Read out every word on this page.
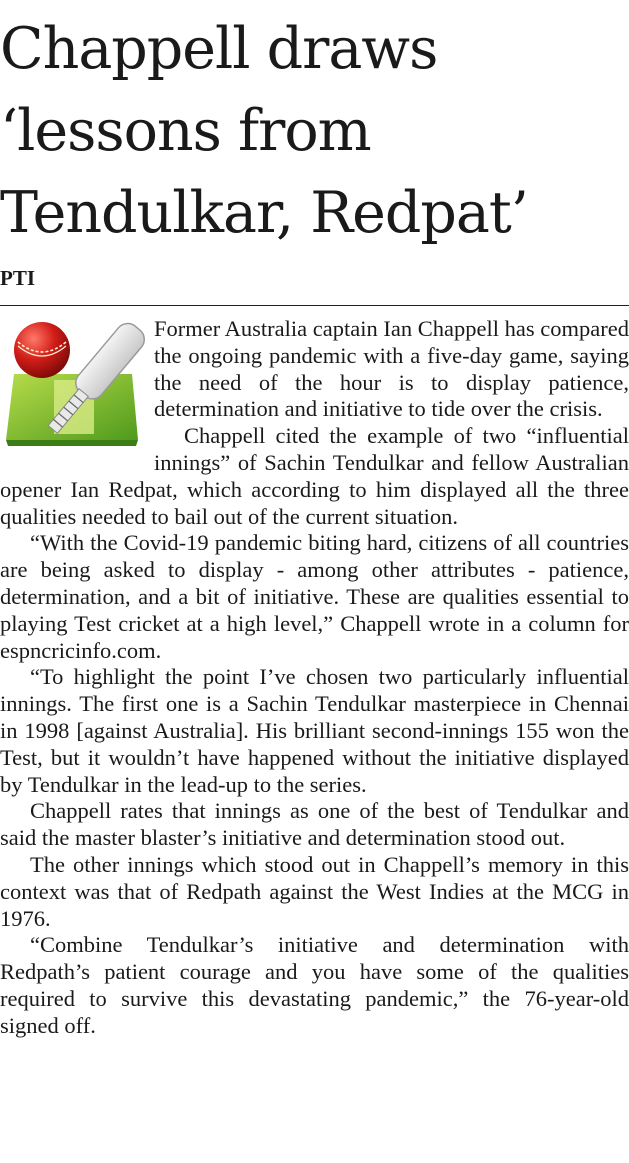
Chappell draws
‘lessons from
Tendulkar, Redpat’
PTI

Former Australia captain Ian Chappell has compared the ongoing pandemic with a five-day game, saying the need of the hour is to display patience, determination and initiative to tide over the crisis.

Chappell cited the example of two “influential innings” of Sachin Tendulkar and fellow Australian opener Ian Redpat, which according to him displayed all the three qualities needed to bail out of the current situation.

“With the Covid-19 pandemic biting hard, citizens of all countries are being asked to display - among other attributes - patience, determination, and a bit of initiative. These are qualities essential to playing Test cricket at a high level,” Chappell wrote in a column for espncricinfo.com.

“To highlight the point I’ve chosen two particularly influential innings. The first one is a Sachin Tendulkar masterpiece in Chennai in 1998 [against Australia]. His brilliant second-innings 155 won the Test, but it wouldn’t have happened without the initiative displayed by Tendulkar in the lead-up to the series.

Chappell rates that innings as one of the best of Tendulkar and said the master blaster’s initiative and determination stood out.

The other innings which stood out in Chappell’s memory in this context was that of Redpath against the West Indies at the MCG in 1976.

“Combine Tendulkar’s initiative and determination with Redpath’s patient courage and you have some of the qualities required to survive this devastating pandemic,” the 76-year-old signed off.
